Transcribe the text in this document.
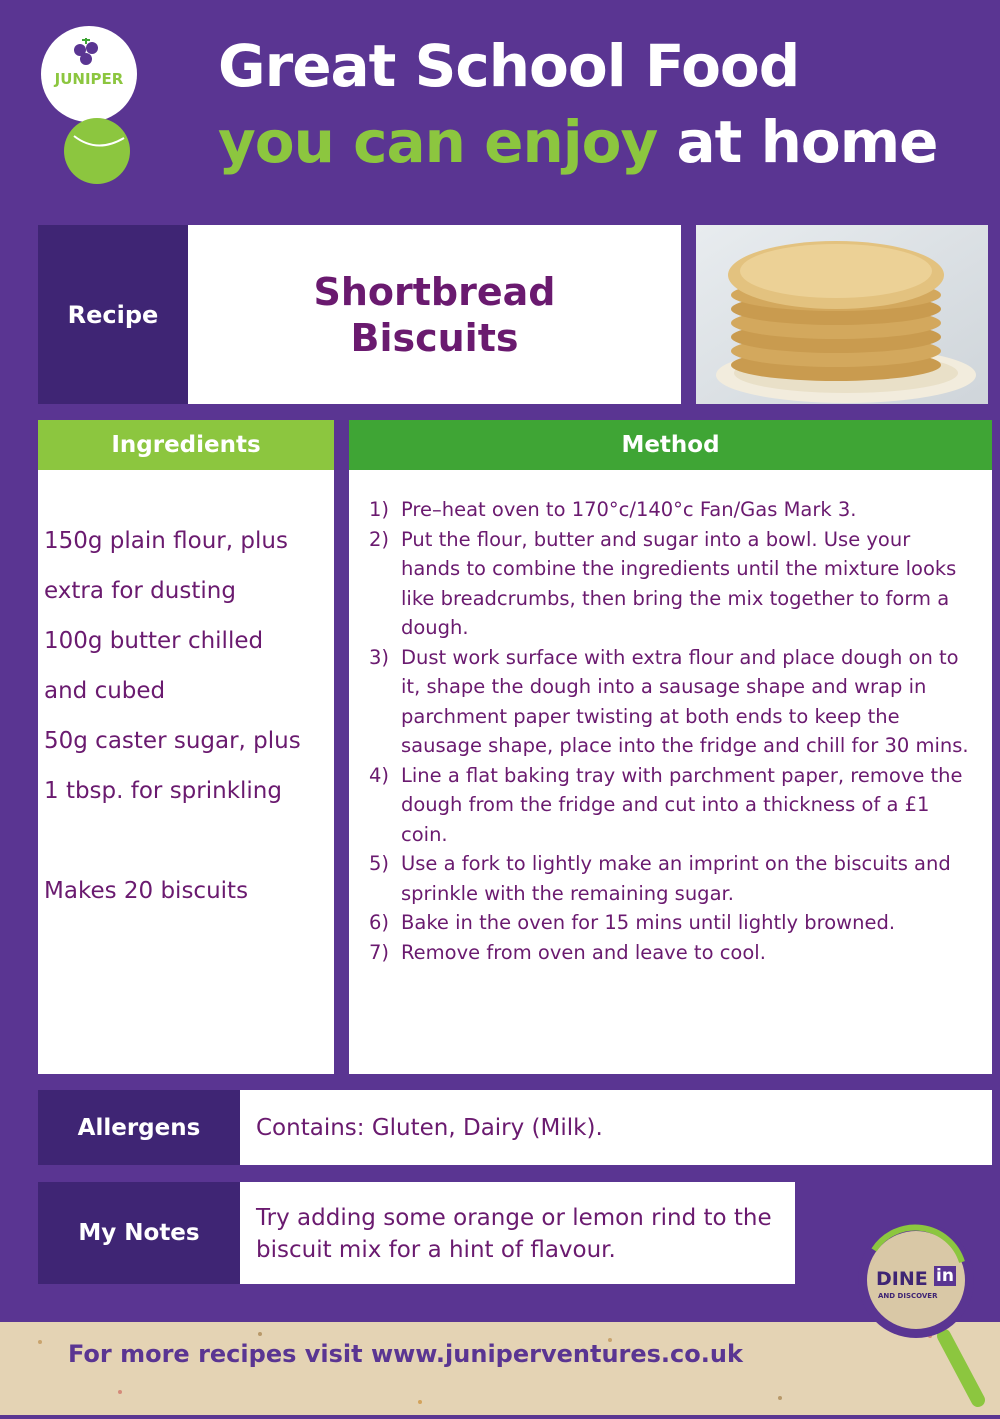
JUNIPER Great School Food
you can enjoy at home
Recipe
Shortbread Biscuits
Ingredients
150g plain flour, plus
extra for dusting
100g butter chilled
and cubed
50g caster sugar, plus
1 tbsp. for sprinkling
Makes 20 biscuits
Method
1) Pre–heat oven to 170°c/140°c Fan/Gas Mark 3.
2) Put the flour, butter and sugar into a bowl. Use your hands to combine the ingredients until the mixture looks like breadcrumbs, then bring the mix together to form a dough.
3) Dust work surface with extra flour and place dough on to it, shape the dough into a sausage shape and wrap in parchment paper twisting at both ends to keep the sausage shape, place into the fridge and chill for 30 mins.
4) Line a flat baking tray with parchment paper, remove the dough from the fridge and cut into a thickness of a £1 coin.
5) Use a fork to lightly make an imprint on the biscuits and sprinkle with the remaining sugar.
6) Bake in the oven for 15 mins until lightly browned.
7) Remove from oven and leave to cool.
Allergens	Contains: Gluten, Dairy (Milk).
My Notes
Try adding some orange or lemon rind to the biscuit mix for a hint of flavour.
For more recipes visit www.juniperventures.co.uk
DINE in
AND DISCOVER
